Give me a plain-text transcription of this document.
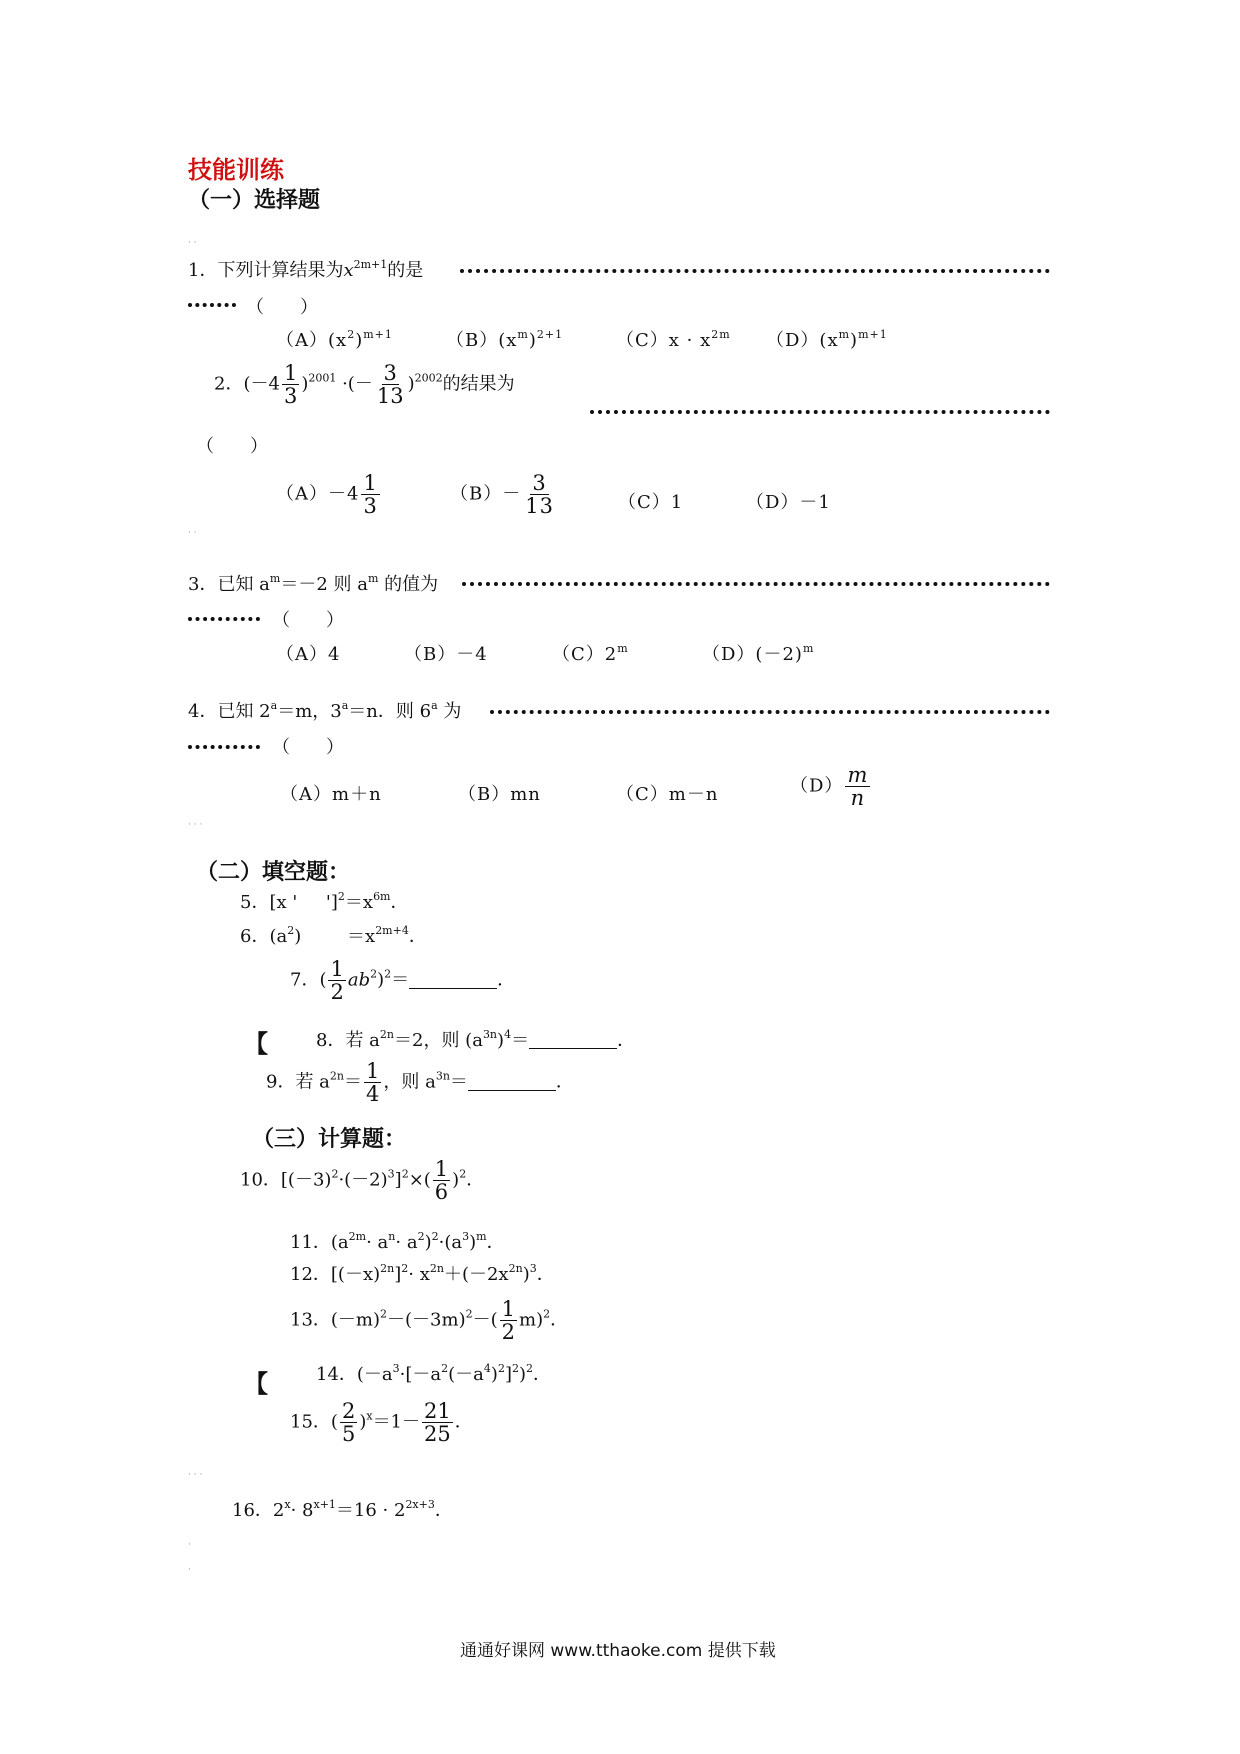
技能训练
（一）选择题
· ·
1．下列计算结果为$x^{2m+1}$的是
（　　）
$(A)(x^2)^{m+1}$	$(B)(x^m)^{2+1}$	$(C)x \cdot x^{2m}$ $(D)(x^m)^{m+1}$
2．$(-4 \frac{1}{3} )^{2001}$ ·(－ $\frac{3}{13} )^{2002}$的结果为
（　　）
$(A)-4 \frac{1}{3}$	$(B)- \frac{3}{13}$	（C）1	（D）－1
· ·
3．已知 $a^m=-2$ 则 $a^m$ 的值为
（　　）
（A）4	（B）－4	（C）2$^m$	$(D)(-2)^m$
4．已知 $2^a=m$，$3^a=n$．则 6$^a$ 为
（　　）
（A）m＋n	（B）mn	（C）m－n	$(D) \frac{m}{n}$
· · ·
（二）填空题：
5．[x '     ']$^2=x^{6m}$．
6．$(a^2)$	$=x^{2m+4}$．
7．( $\frac{1}{2} ab^2)^2=$	．
【	8．若 $a^{2n}=2$，则 $(a^{3n})^4=$	．
9．若 $a^{2n}= \frac{1}{4}$ ，则 $a^{3n}=$	．
（三）计算题：
10．$[(-3)^2\cdot(-2)^3]^2\times( \frac{1}{6} )^2$．
11．$(a^{2m}\cdot a^n\cdot a^2)^2\cdot(a^3)^m$．
12．$[(-x)^{2n}]^2\cdot x^{2n}+(-2x^{2n})^3$．
13．$(-m)^2-(-3m)^2-( \frac{1}{2} m)^2$．
【	14．$(-a^3\cdot[-a^2(-a^4)^2]^2)^2$．
15．( $\frac{2}{5} )^x=1- \frac{21}{25}$ ．
· · ·
16．$2^x\cdot 8^{x+1}=16 \cdot 2^{2x+3}$．
·
·
通通好课网 www.tthaoke.com 提供下载
